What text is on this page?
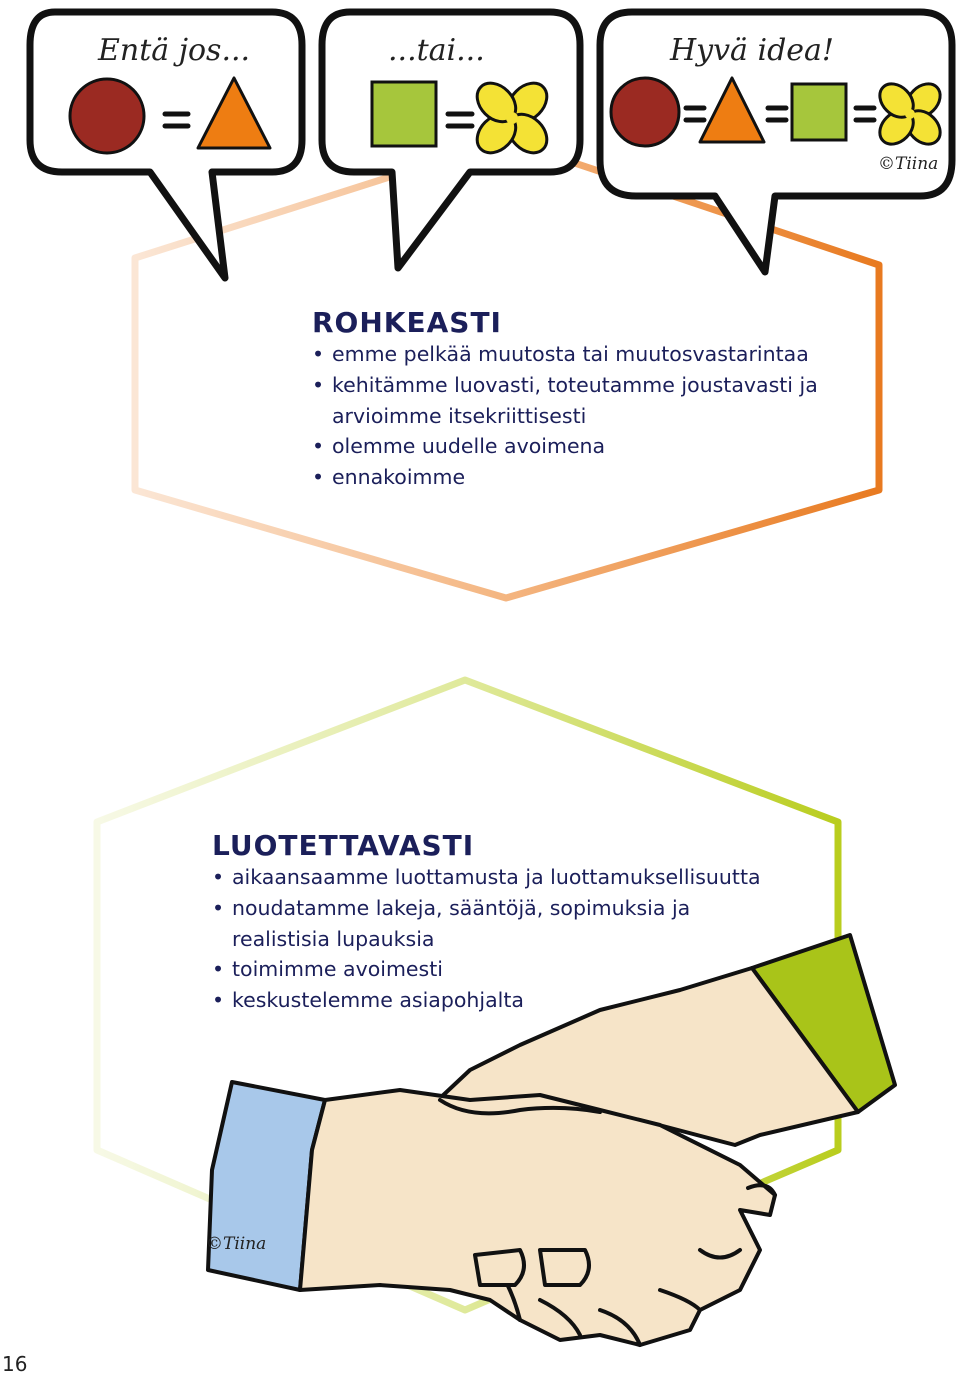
Entä jos...	...tai...	Hyvä idea!
©Tiina
©Tiina
ROHKEASTI
• emme pelkää muutosta tai muutosvastarintaa
• kehitämme luovasti, toteutamme joustavasti ja
arvioimme itsekriittisesti
• olemme uudelle avoimena
• ennakoimme
LUOTETTAVASTI
• aikaansaamme luottamusta ja luottamuksellisuutta
• noudatamme lakeja, sääntöjä, sopimuksia ja
realistisia lupauksia
• toimimme avoimesti
• keskustelemme asiapohjalta
16
